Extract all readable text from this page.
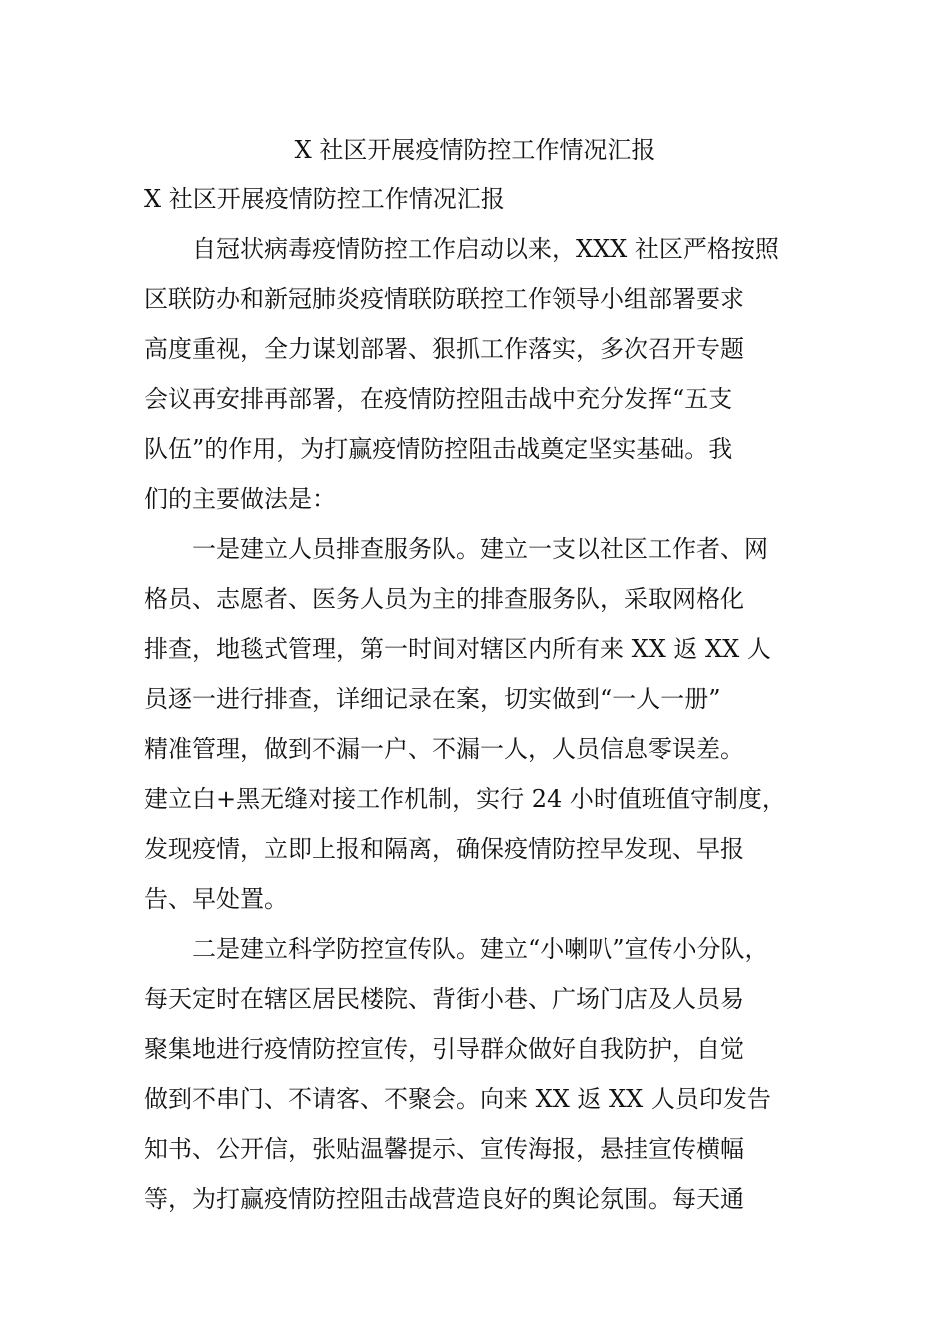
X 社区开展疫情防控工作情况汇报
X 社区开展疫情防控工作情况汇报
　　自冠状病毒疫情防控工作启动以来，XXX 社区严格按照
区联防办和新冠肺炎疫情联防联控工作领导小组部署要求
高度重视，全力谋划部署、狠抓工作落实，多次召开专题
会议再安排再部署，在疫情防控阻击战中充分发挥“五支
队伍”的作用，为打赢疫情防控阻击战奠定坚实基础。我
们的主要做法是：
　　一是建立人员排查服务队。建立一支以社区工作者、网
格员、志愿者、医务人员为主的排查服务队，采取网格化
排查，地毯式管理，第一时间对辖区内所有来 XX 返 XX 人
员逐一进行排查，详细记录在案，切实做到“一人一册”
精准管理，做到不漏一户、不漏一人，人员信息零误差。
建立白+黑无缝对接工作机制，实行 24 小时值班值守制度，
发现疫情，立即上报和隔离，确保疫情防控早发现、早报
告、早处置。
　　二是建立科学防控宣传队。建立“小喇叭”宣传小分队，
每天定时在辖区居民楼院、背街小巷、广场门店及人员易
聚集地进行疫情防控宣传，引导群众做好自我防护，自觉
做到不串门、不请客、不聚会。向来 XX 返 XX 人员印发告
知书、公开信，张贴温馨提示、宣传海报，悬挂宣传横幅
等，为打赢疫情防控阻击战营造良好的舆论氛围。每天通
